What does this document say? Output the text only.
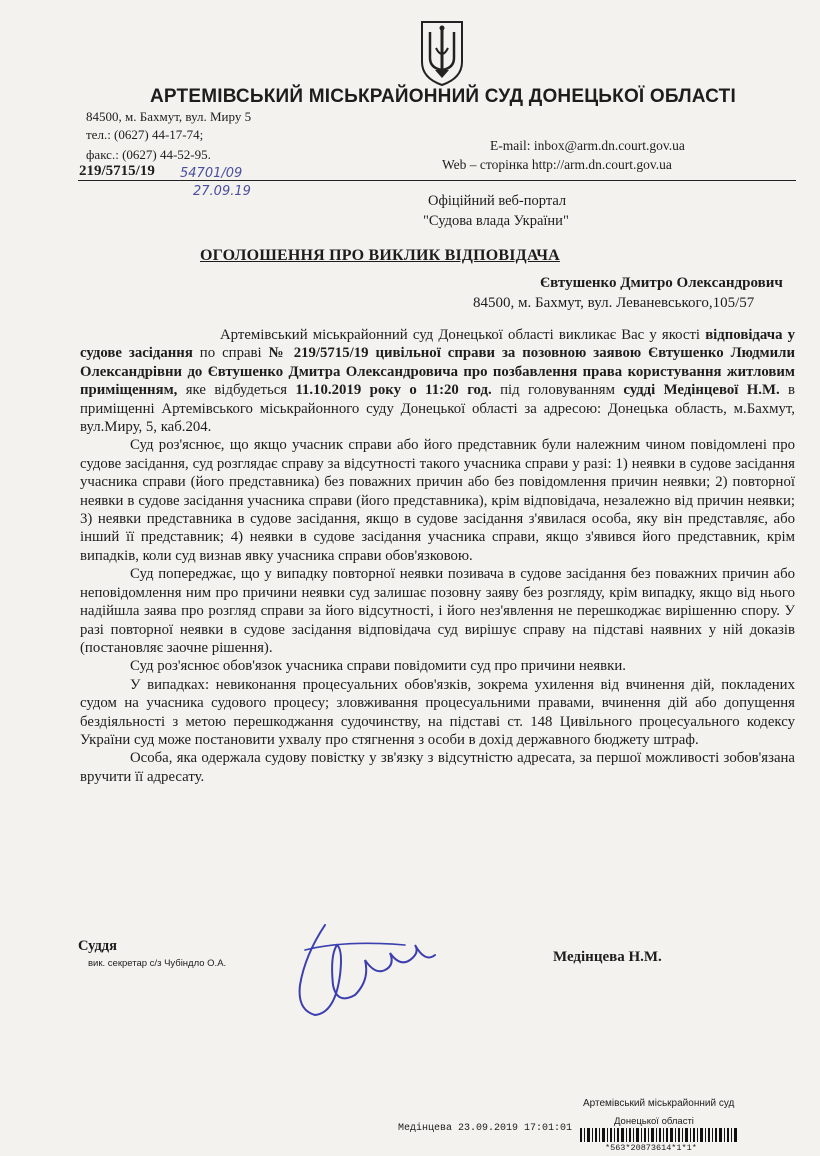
АРТЕМІВСЬКИЙ МІСЬКРАЙОННИЙ СУД ДОНЕЦЬКОЇ ОБЛАСТІ
84500, м. Бахмут, вул. Миру 5
тел.: (0627) 44-17-74;
факс.: (0627) 44-52-95.
E-mail: inbox@arm.dn.court.gov.ua
Web – сторінка http://arm.dn.court.gov.ua
219/5715/19 54701/09
27.09.19
Офіційний веб-портал
"Судова влада України"
ОГОЛОШЕННЯ ПРО ВИКЛИК ВІДПОВІДАЧА
Євтушенко Дмитро Олександрович
84500, м. Бахмут, вул. Леваневського,105/57

Артемівський міськрайонний суд Донецької області викликає Вас у якості відповідача у судове засідання по справі № 219/5715/19 цивільної справи за позовною заявою Євтушенко Людмили Олександрівни до Євтушенко Дмитра Олександровича про позбавлення права користування житловим приміщенням, яке відбудеться 11.10.2019 року о 11:20 год. під головуванням судді Медінцевої Н.М. в приміщенні Артемівського міськрайонного суду Донецької області за адресою: Донецька область, м.Бахмут, вул.Миру, 5, каб.204.

Суд роз'яснює, що якщо учасник справи або його представник були належним чином повідомлені про судове засідання, суд розглядає справу за відсутності такого учасника справи у разі: 1) неявки в судове засідання учасника справи (його представника) без поважних причин або без повідомлення причин неявки; 2) повторної неявки в судове засідання учасника справи (його представника), крім відповідача, незалежно від причин неявки; 3) неявки представника в судове засідання, якщо в судове засідання з'явилася особа, яку він представляє, або інший її представник; 4) неявки в судове засідання учасника справи, якщо з'явився його представник, крім випадків, коли суд визнав явку учасника справи обов'язковою.

Суд попереджає, що у випадку повторної неявки позивача в судове засідання без поважних причин або неповідомлення ним про причини неявки суд залишає позовну заяву без розгляду, крім випадку, якщо від нього надійшла заява про розгляд справи за його відсутності, і його нез'явлення не перешкоджає вирішенню спору. У разі повторної неявки в судове засідання відповідача суд вирішує справу на підставі наявних у ній доказів (постановляє заочне рішення).

Суд роз'яснює обов'язок учасника справи повідомити суд про причини неявки.

У випадках: невиконання процесуальних обов'язків, зокрема ухилення від вчинення дій, покладених судом на учасника судового процесу; зловживання процесуальними правами, вчинення дій або допущення бездіяльності з метою перешкоджання судочинству, на підставі ст. 148 Цивільного процесуального кодексу України суд може постановити ухвалу про стягнення з особи в дохід державного бюджету штраф.

Особа, яка одержала судову повістку у зв'язку з відсутністю адресата, за першої можливості зобов'язана вручити її адресату.

Суддя
вик. секретар с/з Чубіндло О.А.	Медінцева Н.М.
Артемівський міськрайонний суд
Медінцева 23.09.2019 17:01:01
Донецької області
*563*20873614*1*1*
